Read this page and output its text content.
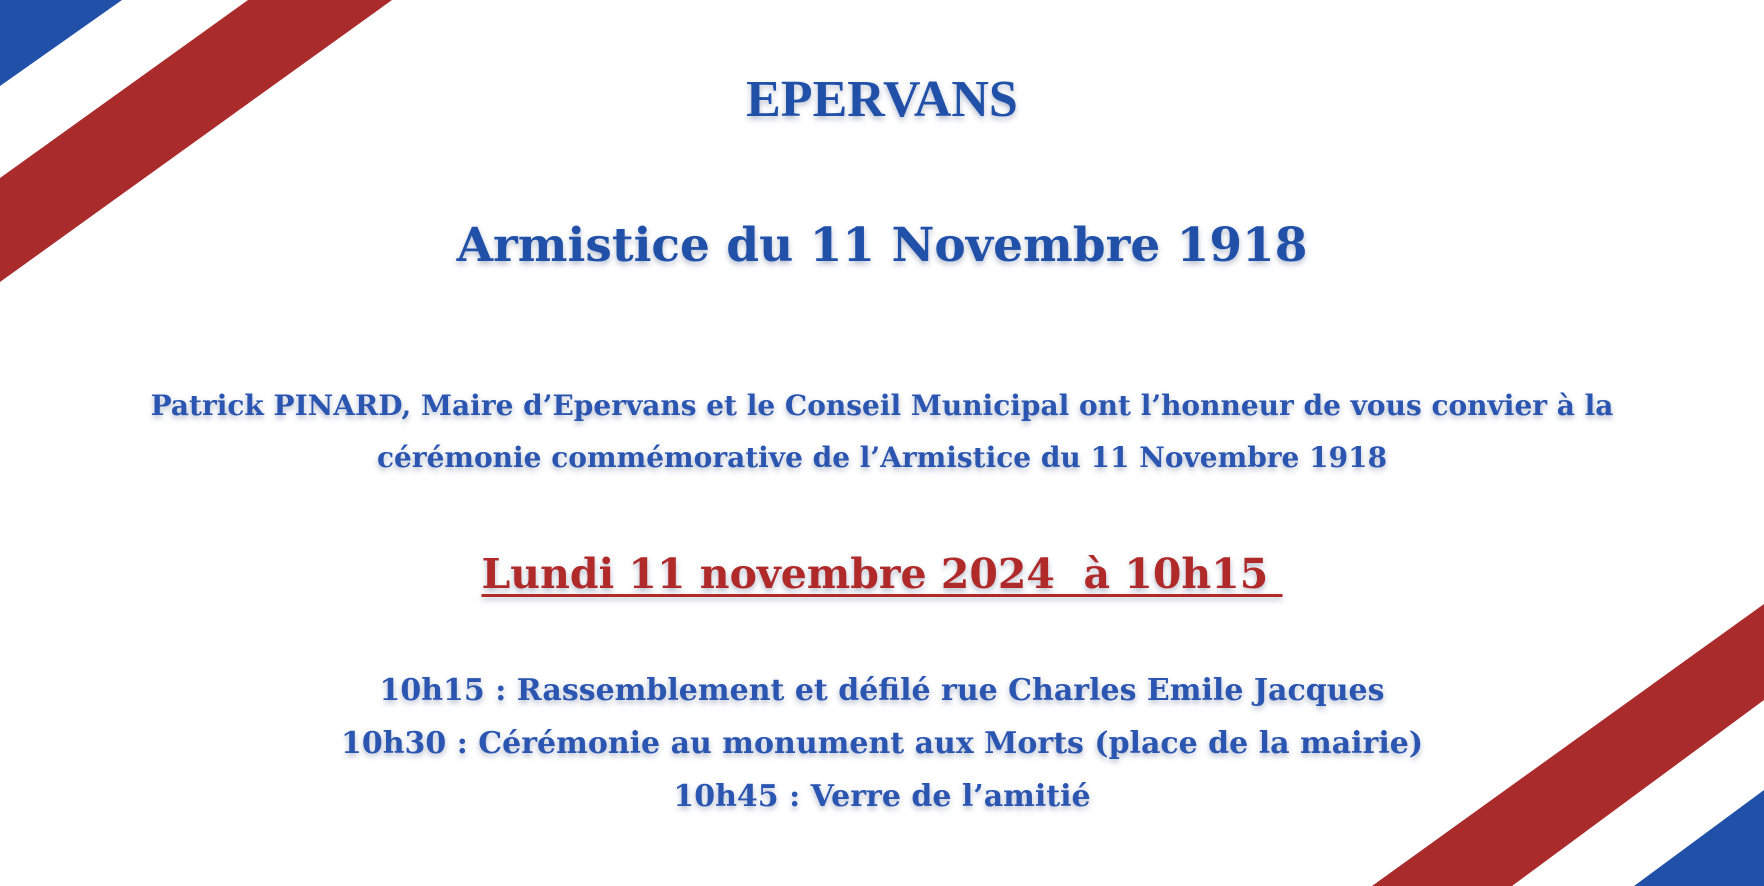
EPERVANS
Armistice du 11 Novembre 1918
Patrick PINARD, Maire d’Epervans et le Conseil Municipal ont l’honneur de vous convier à la
cérémonie commémorative de l’Armistice du 11 Novembre 1918
Lundi 11 novembre 2024  à 10h15
10h15 : Rassemblement et défilé rue Charles Emile Jacques
10h30 : Cérémonie au monument aux Morts (place de la mairie)
10h45 : Verre de l’amitié
